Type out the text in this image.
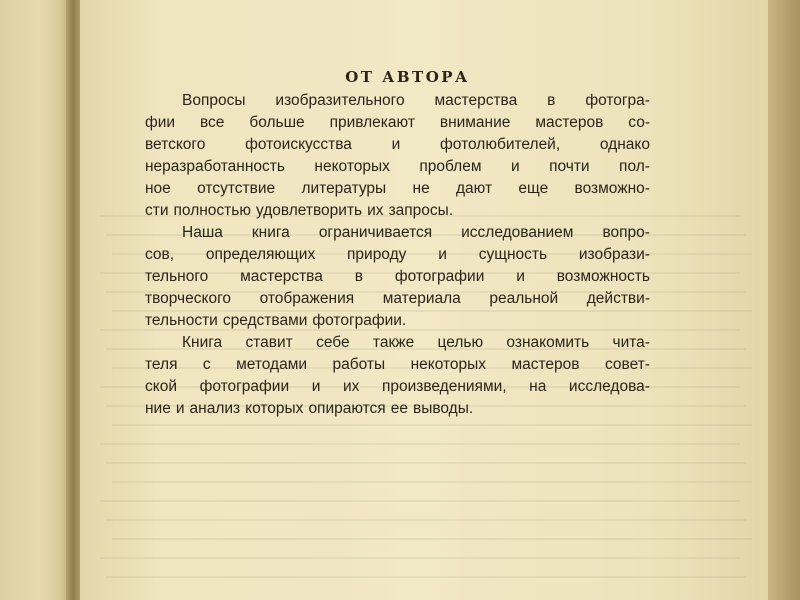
ОТ АВТОРА
Вопросы изобразительного мастерства в фотогра-
фии все больше привлекают внимание мастеров со-
ветского	фотоискусства	и	фотолюбителей,	однако
неразработанность некоторых проблем и почти пол-
ное отсутствие литературы не дают еще возможно-
сти полностью удовлетворить их запросы.
Наша книга ограничивается исследованием вопро-
сов, определяющих природу и сущность изобрази-
тельного мастерства в фотографии и возможность
творческого отображения материала реальной действи-
тельности средствами фотографии.
Книга ставит себе также целью ознакомить чита-
теля с методами работы некоторых мастеров совет-
ской фотографии и их произведениями, на исследова-
ние и анализ которых опираются ее выводы.
